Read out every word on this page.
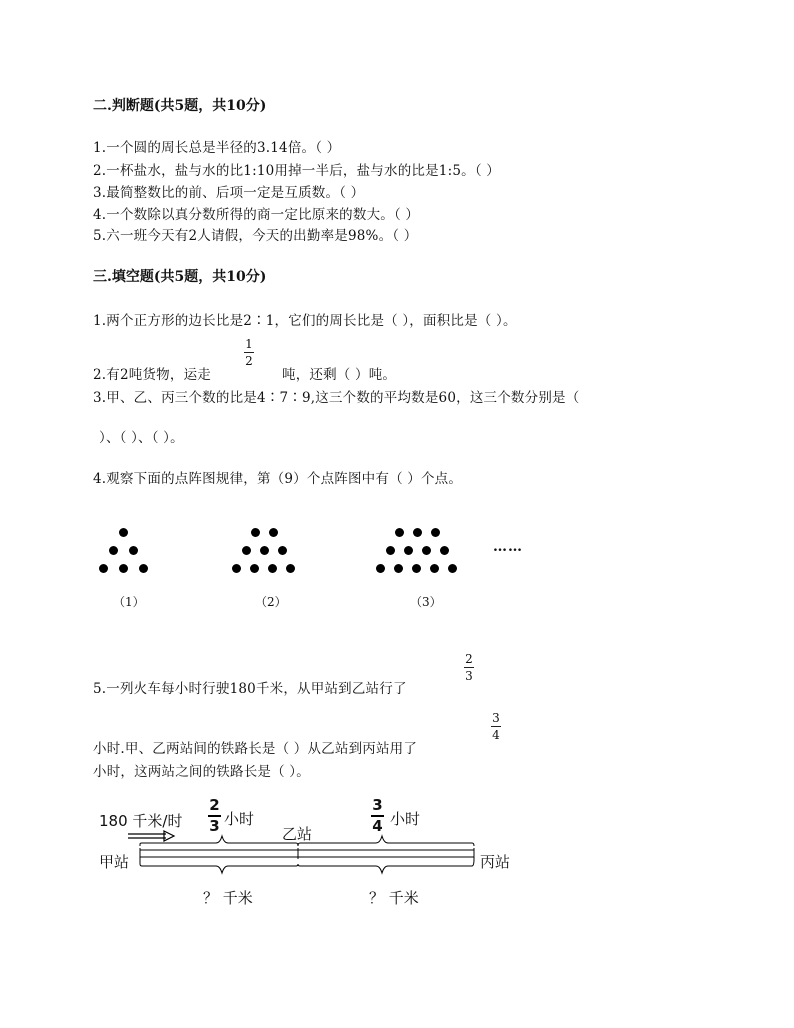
二.判断题(共5题，共10分)
1.一个圆的周长总是半径的3.14倍。（ ）
2.一杯盐水，盐与水的比1:10用掉一半后，盐与水的比是1:5。（ ）
3.最简整数比的前、后项一定是互质数。（ ）
4.一个数除以真分数所得的商一定比原来的数大。（ ）
5.六一班今天有2人请假，今天的出勤率是98%。（ ）
三.填空题(共5题，共10分)
1.两个正方形的边长比是2∶1，它们的周长比是（ ），面积比是（ ）。
2.有2吨货物，运走
1
2
吨，还剩（ ）吨。
3.甲、乙、丙三个数的比是4∶7∶9,这三个数的平均数是60，这三个数分别是（
）、（ ）、（ ）。
4.观察下面的点阵图规律，第（9）个点阵图中有（ ）个点。
……
（1）	（2）	（3）
2
3
5.一列火车每小时行驶180千米，从甲站到乙站行了
3
4
小时.甲、乙两站间的铁路长是（ ）从乙站到丙站用了
小时，这两站之间的铁路长是（ ）。
180 千米/时
2
3 小时
3
4 小时
乙站
甲站	丙站
？ 千米	？ 千米
